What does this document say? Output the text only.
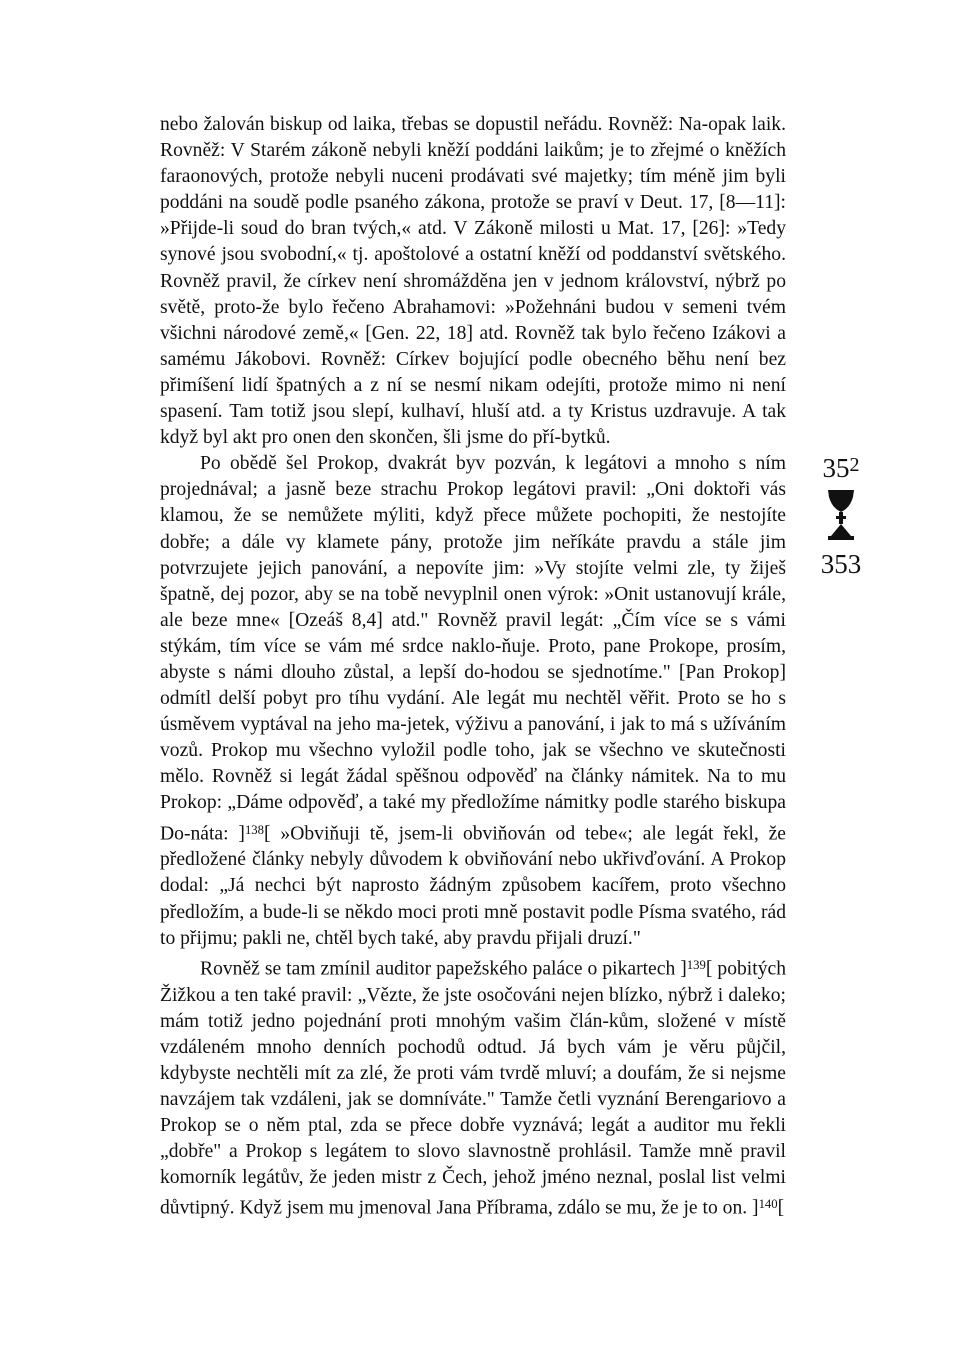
nebo žalován biskup od laika, třebas se dopustil neřádu. Rovněž: Na-opak laik. Rovněž: V Starém zákoně nebyli kněží poddáni laikům; je to zřejmé o kněžích faraonových, protože nebyli nuceni prodávati své majetky; tím méně jim byli poddáni na soudě podle psaného zákona, protože se praví v Deut. 17, [8—11]: »Přijde-li soud do bran tvých,« atd. V Zákoně milosti u Mat. 17, [26]: »Tedy synové jsou svobodní,« tj. apoštolové a ostatní kněží od poddanství světského. Rovněž pravil, že církev není shromážděna jen v jednom království, nýbrž po světě, proto-že bylo řečeno Abrahamovi: »Požehnáni budou v semeni tvém všichni národové země,« [Gen. 22, 18] atd. Rovněž tak bylo řečeno Izákovi a samému Jákobovi. Rovněž: Církev bojující podle obecného běhu není bez přimíšení lidí špatných a z ní se nesmí nikam odejíti, protože mimo ni není spasení. Tam totiž jsou slepí, kulhaví, hluší atd. a ty Kristus uzdravuje. A tak když byl akt pro onen den skončen, šli jsme do pří-bytků.

Po obědě šel Prokop, dvakrát byv pozván, k legátovi a mnoho s ním projednával; a jasně beze strachu Prokop legátovi pravil: „Oni doktoři vás klamou, že se nemůžete mýliti, když přece můžete pochopiti, že nestojíte dobře; a dále vy klamete pány, protože jim neříkáte pravdu a stále jim potvrzujete jejich panování, a nepovíte jim: »Vy stojíte velmi zle, ty žiješ špatně, dej pozor, aby se na tobě nevyplnil onen výrok: »Onit ustanovují krále, ale beze mne« [Ozeáš 8,4] atd." Rovněž pravil legát: „Čím více se s vámi stýkám, tím více se vám mé srdce naklo-ňuje. Proto, pane Prokope, prosím, abyste s námi dlouho zůstal, a lepší do-hodou se sjednotíme." [Pan Prokop] odmítl delší pobyt pro tíhu vydání. Ale legát mu nechtěl věřit. Proto se ho s úsměvem vyptával na jeho ma-jetek, výživu a panování, i jak to má s užíváním vozů. Prokop mu všechno vyložil podle toho, jak se všechno ve skutečnosti mělo. Rovněž si legát žádal spěšnou odpověď na články námitek. Na to mu Prokop: „Dáme odpověď, a také my předložíme námitky podle starého biskupa Do-náta: ]$^{138}$[ »Obviňuji tě, jsem-li obviňován od tebe«; ale legát řekl, že předložené články nebyly důvodem k obviňování nebo ukřivďování. A Prokop dodal: „Já nechci být naprosto žádným způsobem kacířem, proto všechno předložím, a bude-li se někdo moci proti mně postavit podle Písma svatého, rád to přijmu; pakli ne, chtěl bych také, aby pravdu přijali druzí."

Rovněž se tam zmínil auditor papežského paláce o pikartech ]$^{139}$[ pobitých Žižkou a ten také pravil: „Vězte, že jste osočováni nejen blízko, nýbrž i daleko; mám totiž jedno pojednání proti mnohým vašim člán-kům, složené v místě vzdáleném mnoho denních pochodů odtud. Já bych vám je věru půjčil, kdybyste nechtěli mít za zlé, že proti vám tvrdě mluví; a doufám, že si nejsme navzájem tak vzdáleni, jak se domníváte." Tamže četli vyznání Berengariovo a Prokop se o něm ptal, zda se přece dobře vyznává; legát a auditor mu řekli „dobře" a Prokop s legátem to slovo slavnostně prohlásil. Tamže mně pravil komorník legátův, že jeden mistr z Čech, jehož jméno neznal, poslal list velmi důvtipný. Když jsem mu jmenoval Jana Příbrama, zdálo se mu, že je to on. ]$^{140}$[

$35^2$
353
